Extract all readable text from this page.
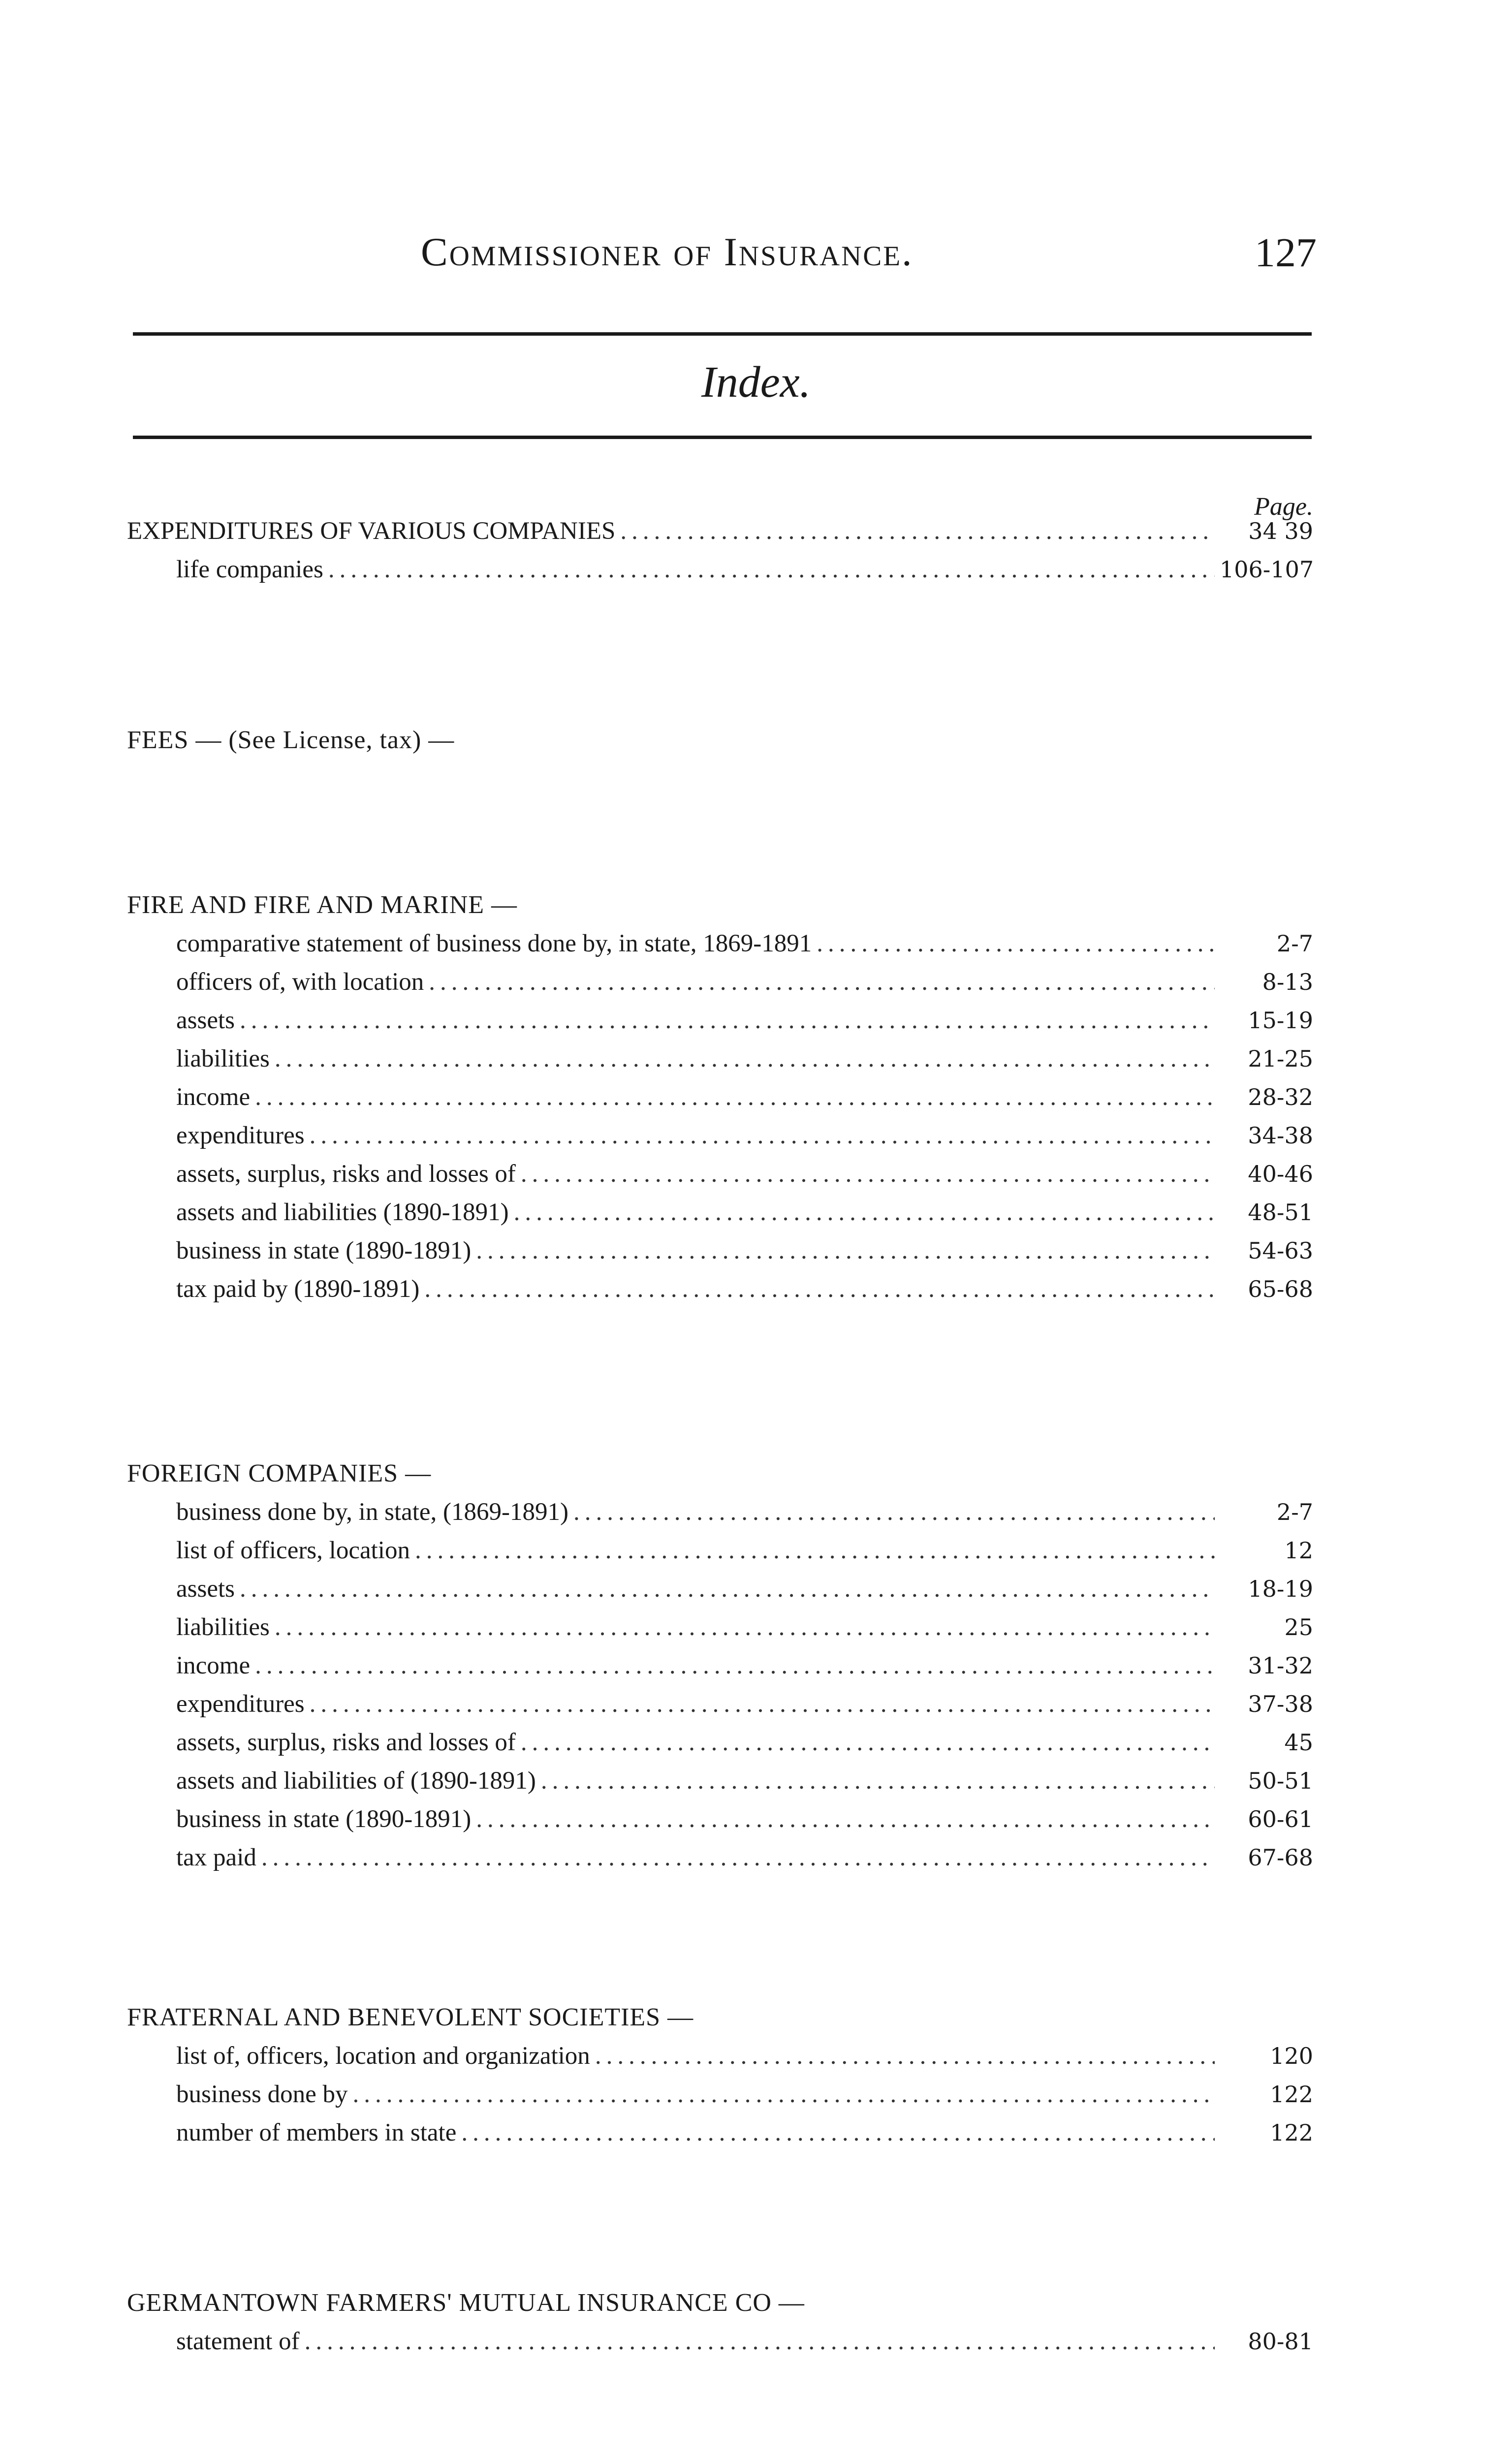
Commissioner of Insurance.	127
Index.
Page.
EXPENDITURES OF VARIOUS COMPANIES .....	34 39
life companies .....	106-107
FEES — (See License, tax) —
FIRE AND FIRE AND MARINE —
comparative statement of business done by, in state, 1869-1891 .....	2-7
officers of, with location .....	8-13
assets .....	15-19
liabilities .....	21-25
income .....	28-32
expenditures .....	34-38
assets, surplus, risks and losses of .....	40-46
assets and liabilities (1890-1891) .....	48-51
business in state (1890-1891) .....	54-63
tax paid by (1890-1891) .....	65-68
FOREIGN COMPANIES —
business done by, in state, (1869-1891) .....	2-7
list of officers, location .....	12
assets .....	18-19
liabilities .....	25
income .....	31-32
expenditures .....	37-38
assets, surplus, risks and losses of .....	45
assets and liabilities of (1890-1891) .....	50-51
business in state (1890-1891) .....	60-61
tax paid .....	67-68
FRATERNAL AND BENEVOLENT SOCIETIES —
list of, officers, location and organization .....	120
business done by .....	122
number of members in state .....	122
GERMANTOWN FARMERS' MUTUAL INSURANCE CO —
statement of .....	80-81
